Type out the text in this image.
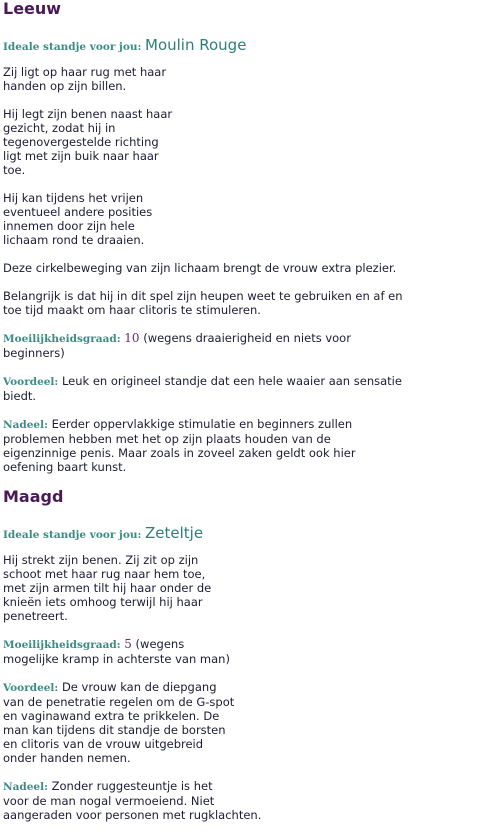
Leeuw
Ideale standje voor jou: Moulin Rouge

Zij ligt op haar rug met haar
handen op zijn billen.

Hij legt zijn benen naast haar
gezicht, zodat hij in
tegenovergestelde richting
ligt met zijn buik naar haar
toe.

Hij kan tijdens het vrijen
eventueel andere posities
innemen door zijn hele
lichaam rond te draaien.

Deze cirkelbeweging van zijn lichaam brengt de vrouw extra plezier.

Belangrijk is dat hij in dit spel zijn heupen weet te gebruiken en af en
toe tijd maakt om haar clitoris te stimuleren.

Moeilijkheidsgraad: 10 (wegens draaierigheid en niets voor
beginners)

Voordeel: Leuk en origineel standje dat een hele waaier aan sensatie
biedt.

Nadeel: Eerder oppervlakkige stimulatie en beginners zullen
problemen hebben met het op zijn plaats houden van de
eigenzinnige penis. Maar zoals in zoveel zaken geldt ook hier
oefening baart kunst.

Maagd
Ideale standje voor jou: Zeteltje

Hij strekt zijn benen. Zij zit op zijn
schoot met haar rug naar hem toe,
met zijn armen tilt hij haar onder de
knieën iets omhoog terwijl hij haar
penetreert.

Moeilijkheidsgraad: 5 (wegens
mogelijke kramp in achterste van man)

Voordeel: De vrouw kan de diepgang
van de penetratie regelen om de G-spot
en vaginawand extra te prikkelen. De
man kan tijdens dit standje de borsten
en clitoris van de vrouw uitgebreid
onder handen nemen.

Nadeel: Zonder ruggesteuntje is het
voor de man nogal vermoeiend. Niet
aangeraden voor personen met rugklachten.
